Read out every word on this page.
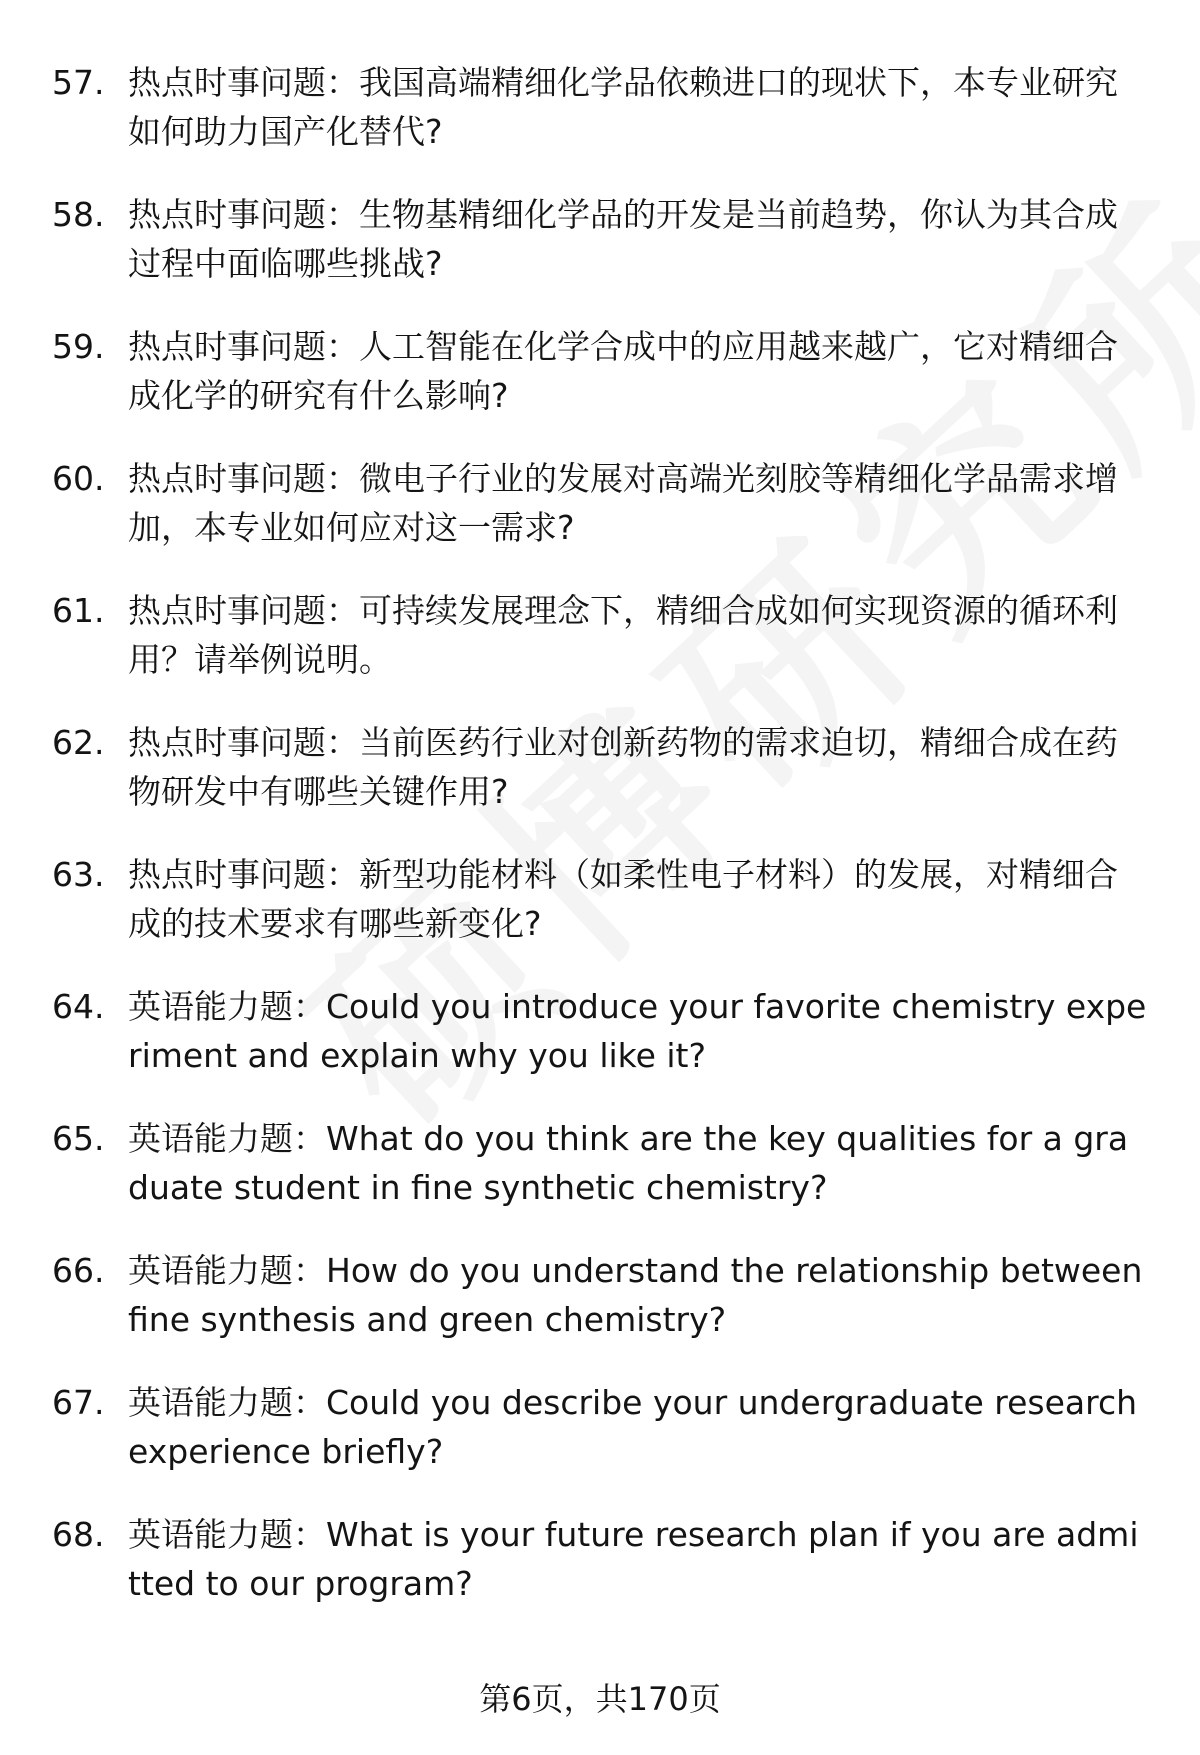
57. 热点时事问题：我国高端精细化学品依赖进口的现状下，本专业研究如何助力国产化替代?
58. 热点时事问题：生物基精细化学品的开发是当前趋势，你认为其合成过程中面临哪些挑战?
59. 热点时事问题：人工智能在化学合成中的应用越来越广，它对精细合成化学的研究有什么影响?
60. 热点时事问题：微电子行业的发展对高端光刻胶等精细化学品需求增加，本专业如何应对这一需求?
61. 热点时事问题：可持续发展理念下，精细合成如何实现资源的循环利用？请举例说明。
62. 热点时事问题：当前医药行业对创新药物的需求迫切，精细合成在药物研发中有哪些关键作用?
63. 热点时事问题：新型功能材料（如柔性电子材料）的发展，对精细合成的技术要求有哪些新变化?
64. 英语能力题：Could you introduce your favorite chemistry experiment and explain why you like it?
65. 英语能力题：What do you think are the key qualities for a graduate student in fine synthetic chemistry?
66. 英语能力题：How do you understand the relationship between fine synthesis and green chemistry?
67. 英语能力题：Could you describe your undergraduate research experience briefly?
68. 英语能力题：What is your future research plan if you are admitted to our program?
第6页，共170页
